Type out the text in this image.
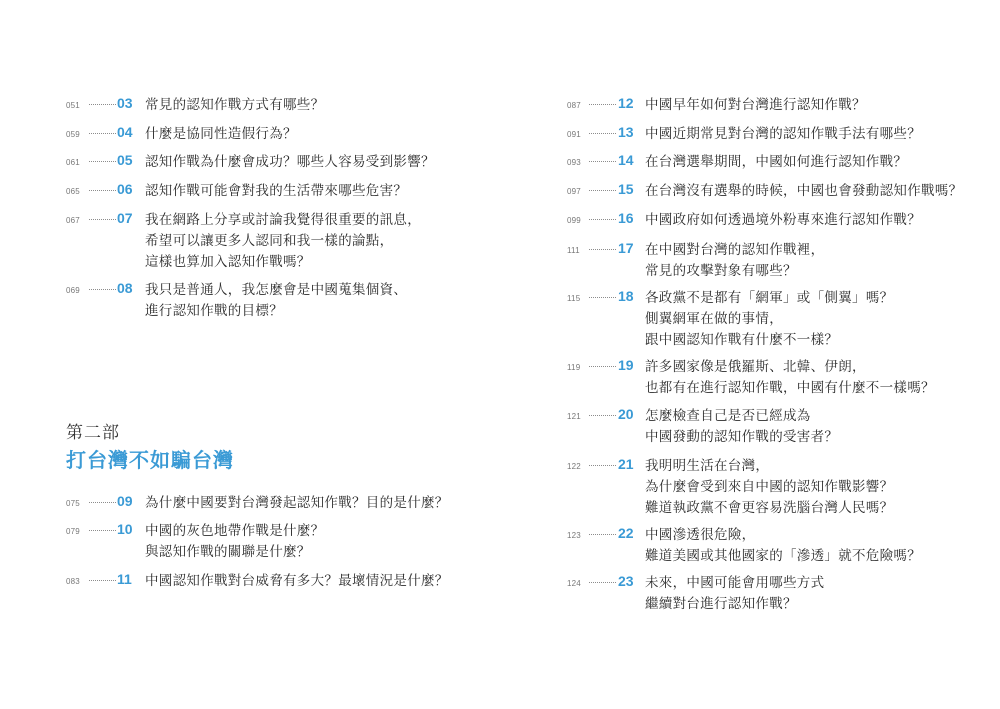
第二部
打台灣不如騙台灣
051	03 常見的認知作戰方式有哪些？
059	04 什麼是協同性造假行為？
061	05 認知作戰為什麼會成功？哪些人容易受到影響？
065	06 認知作戰可能會對我的生活帶來哪些危害？
067	07 我在網路上分享或討論我覺得很重要的訊息，
希望可以讓更多人認同和我一樣的論點，
這樣也算加入認知作戰嗎？
069	08 我只是普通人，我怎麼會是中國蒐集個資、
進行認知作戰的目標？
075	09 為什麼中國要對台灣發起認知作戰？目的是什麼？
079	10 中國的灰色地帶作戰是什麼？
與認知作戰的關聯是什麼？
083	11 中國認知作戰對台威脅有多大？最壞情況是什麼？
087	12 中國早年如何對台灣進行認知作戰？
091	13 中國近期常見對台灣的認知作戰手法有哪些？
093	14 在台灣選舉期間，中國如何進行認知作戰？
097	15 在台灣沒有選舉的時候，中國也會發動認知作戰嗎？
099	16 中國政府如何透過境外粉專來進行認知作戰？
111	17 在中國對台灣的認知作戰裡，
常見的攻擊對象有哪些？
115	18 各政黨不是都有「網軍」或「側翼」嗎？
側翼網軍在做的事情，
跟中國認知作戰有什麼不一樣？
119	19 許多國家像是俄羅斯、北韓、伊朗，
也都有在進行認知作戰，中國有什麼不一樣嗎？
121	20 怎麼檢查自己是否已經成為
中國發動的認知作戰的受害者？
122	21 我明明生活在台灣，
為什麼會受到來自中國的認知作戰影響？
難道執政黨不會更容易洗腦台灣人民嗎？
123	22 中國滲透很危險，
難道美國或其他國家的「滲透」就不危險嗎？
124	23 未來，中國可能會用哪些方式
繼續對台進行認知作戰？
